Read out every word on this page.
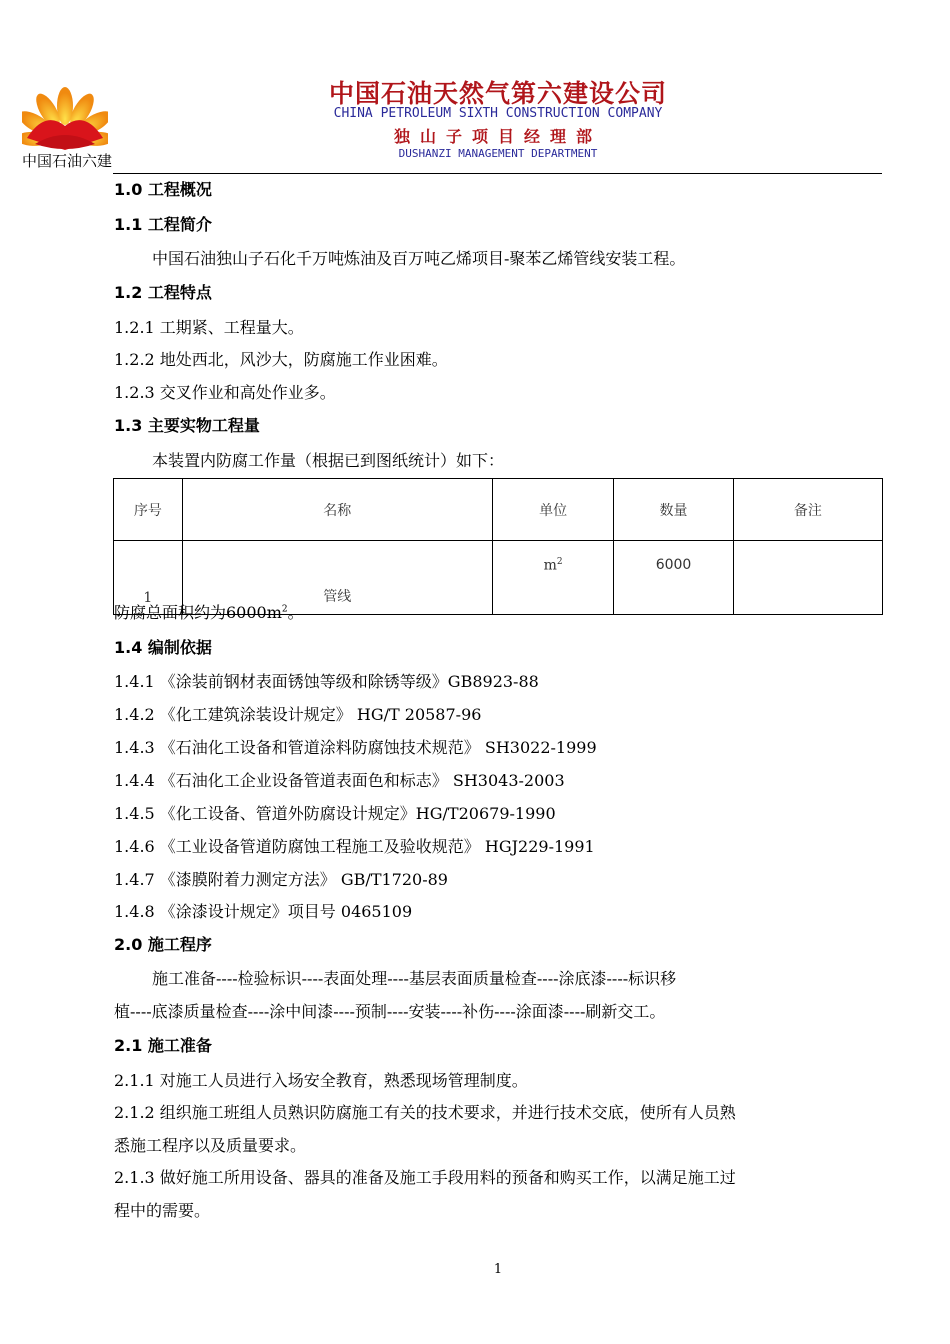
中国石油六建
中国石油天然气第六建设公司
CHINA PETROLEUM SIXTH CONSTRUCTION COMPANY
独山子项目经理部
DUSHANZI MANAGEMENT DEPARTMENT
1.0 工程概况
1.1 工程简介
中国石油独山子石化千万吨炼油及百万吨乙烯项目-聚苯乙烯管线安装工程。
1.2 工程特点
1.2.1 工期紧、工程量大。
1.2.2 地处西北，风沙大，防腐施工作业困难。
1.2.3 交叉作业和高处作业多。
1.3 主要实物工程量
本装置内防腐工作量（根据已到图纸统计）如下：
序号	名称	单位	数量	备注
1	管线	$m^2$	6000	
防腐总面积约为$6000m^2$。
1.4 编制依据
1.4.1 《涂装前钢材表面锈蚀等级和除锈等级》GB8923-88
1.4.2 《化工建筑涂装设计规定》 HG/T 20587-96
1.4.3 《石油化工设备和管道涂料防腐蚀技术规范》 SH3022-1999
1.4.4 《石油化工企业设备管道表面色和标志》 SH3043-2003
1.4.5 《化工设备、管道外防腐设计规定》HG/T20679-1990
1.4.6 《工业设备管道防腐蚀工程施工及验收规范》 HGJ229-1991
1.4.7 《漆膜附着力测定方法》 GB/T1720-89
1.4.8 《涂漆设计规定》项目号 0465109
2.0 施工程序
施工准备----检验标识----表面处理----基层表面质量检查----涂底漆----标识移
植----底漆质量检查----涂中间漆----预制----安装----补伤----涂面漆----刷新交工。
2.1 施工准备
2.1.1 对施工人员进行入场安全教育，熟悉现场管理制度。
2.1.2 组织施工班组人员熟识防腐施工有关的技术要求，并进行技术交底，使所有人员熟
悉施工程序以及质量要求。
2.1.3 做好施工所用设备、器具的准备及施工手段用料的预备和购买工作，以满足施工过
程中的需要。
1
